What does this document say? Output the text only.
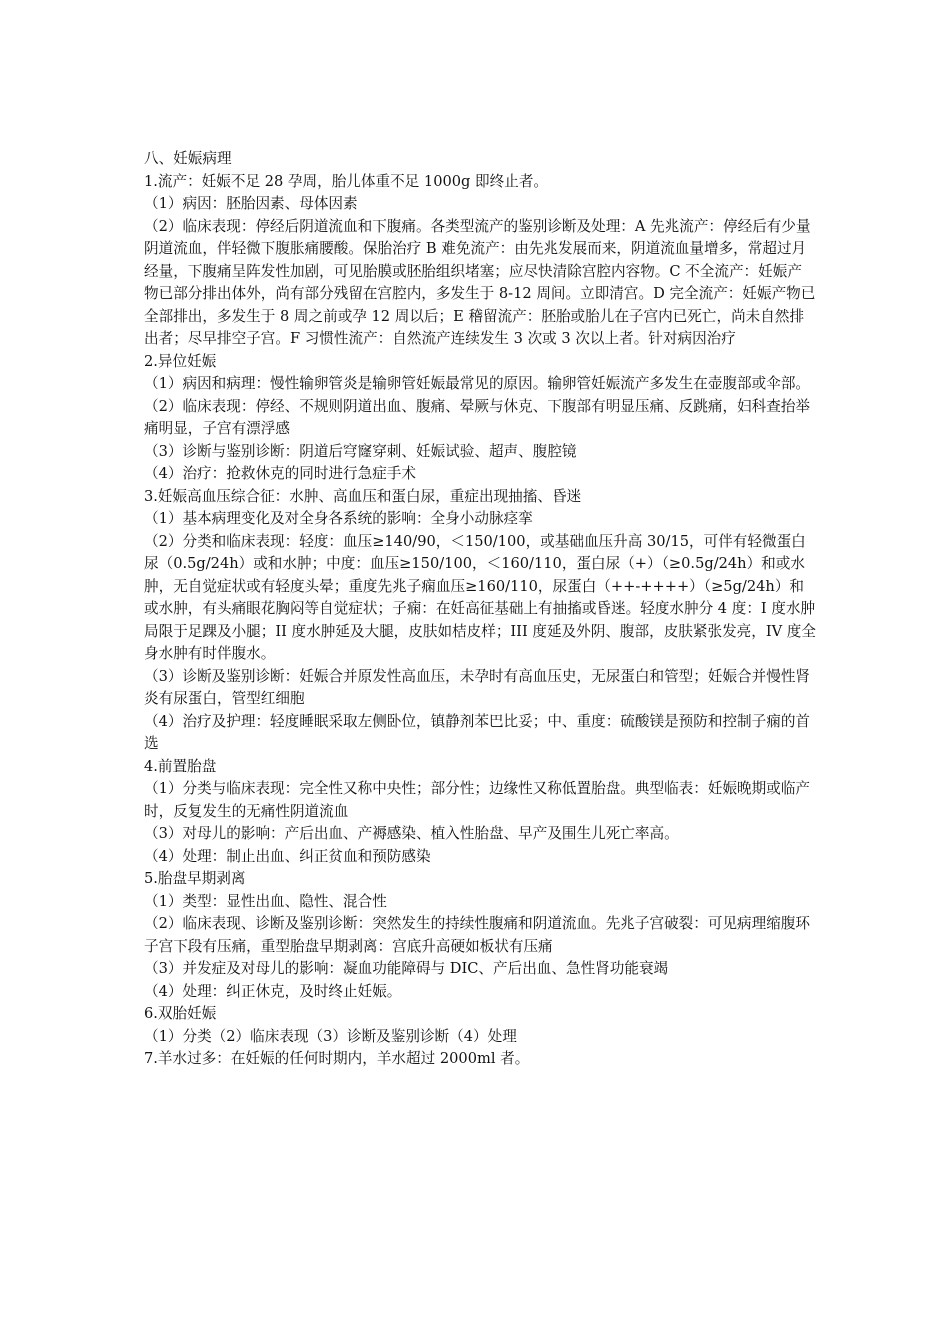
八、妊娠病理

1.流产：妊娠不足 28 孕周，胎儿体重不足 1000g 即终止者。

（1）病因：胚胎因素、母体因素

（2）临床表现：停经后阴道流血和下腹痛。各类型流产的鉴别诊断及处理：A 先兆流产：停经后有少量阴道流血，伴轻微下腹胀痛腰酸。保胎治疗 B 难免流产：由先兆发展而来，阴道流血量增多，常超过月经量，下腹痛呈阵发性加剧，可见胎膜或胚胎组织堵塞；应尽快清除宫腔内容物。C 不全流产：妊娠产物已部分排出体外，尚有部分残留在宫腔内，多发生于 8-12 周间。立即清宫。D 完全流产：妊娠产物已全部排出，多发生于 8 周之前或孕 12 周以后；E 稽留流产：胚胎或胎儿在子宫内已死亡，尚未自然排出者；尽早排空子宫。F 习惯性流产：自然流产连续发生 3 次或 3 次以上者。针对病因治疗

2.异位妊娠

（1）病因和病理：慢性输卵管炎是输卵管妊娠最常见的原因。输卵管妊娠流产多发生在壶腹部或伞部。

（2）临床表现：停经、不规则阴道出血、腹痛、晕厥与休克、下腹部有明显压痛、反跳痛，妇科查抬举痛明显，子宫有漂浮感

（3）诊断与鉴别诊断：阴道后穹窿穿刺、妊娠试验、超声、腹腔镜

（4）治疗：抢救休克的同时进行急症手术

3.妊娠高血压综合征：水肿、高血压和蛋白尿，重症出现抽搐、昏迷

（1）基本病理变化及对全身各系统的影响：全身小动脉痉挛

（2）分类和临床表现：轻度：血压≥140/90，＜150/100，或基础血压升高 30/15，可伴有轻微蛋白尿（0.5g/24h）或和水肿；中度：血压≥150/100，＜160/110，蛋白尿（+）（≥0.5g/24h）和或水肿，无自觉症状或有轻度头晕；重度先兆子痫血压≥160/110，尿蛋白（++-++++）（≥5g/24h）和或水肿，有头痛眼花胸闷等自觉症状；子痫：在妊高征基础上有抽搐或昏迷。轻度水肿分 4 度：I 度水肿局限于足踝及小腿；II 度水肿延及大腿，皮肤如桔皮样；III 度延及外阴、腹部，皮肤紧张发亮，IV 度全身水肿有时伴腹水。

（3）诊断及鉴别诊断：妊娠合并原发性高血压，未孕时有高血压史，无尿蛋白和管型；妊娠合并慢性肾炎有尿蛋白，管型红细胞

（4）治疗及护理：轻度睡眠采取左侧卧位，镇静剂苯巴比妥；中、重度：硫酸镁是预防和控制子痫的首选

4.前置胎盘

（1）分类与临床表现：完全性又称中央性；部分性；边缘性又称低置胎盘。典型临表：妊娠晚期或临产时，反复发生的无痛性阴道流血

（3）对母儿的影响：产后出血、产褥感染、植入性胎盘、早产及围生儿死亡率高。

（4）处理：制止出血、纠正贫血和预防感染

5.胎盘早期剥离

（1）类型：显性出血、隐性、混合性

（2）临床表现、诊断及鉴别诊断：突然发生的持续性腹痛和阴道流血。先兆子宫破裂：可见病理缩腹环子宫下段有压痛，重型胎盘早期剥离：宫底升高硬如板状有压痛

（3）并发症及对母儿的影响：凝血功能障碍与 DIC、产后出血、急性肾功能衰竭

（4）处理：纠正休克，及时终止妊娠。

6.双胎妊娠

（1）分类（2）临床表现（3）诊断及鉴别诊断（4）处理

7.羊水过多：在妊娠的任何时期内，羊水超过 2000ml 者。
